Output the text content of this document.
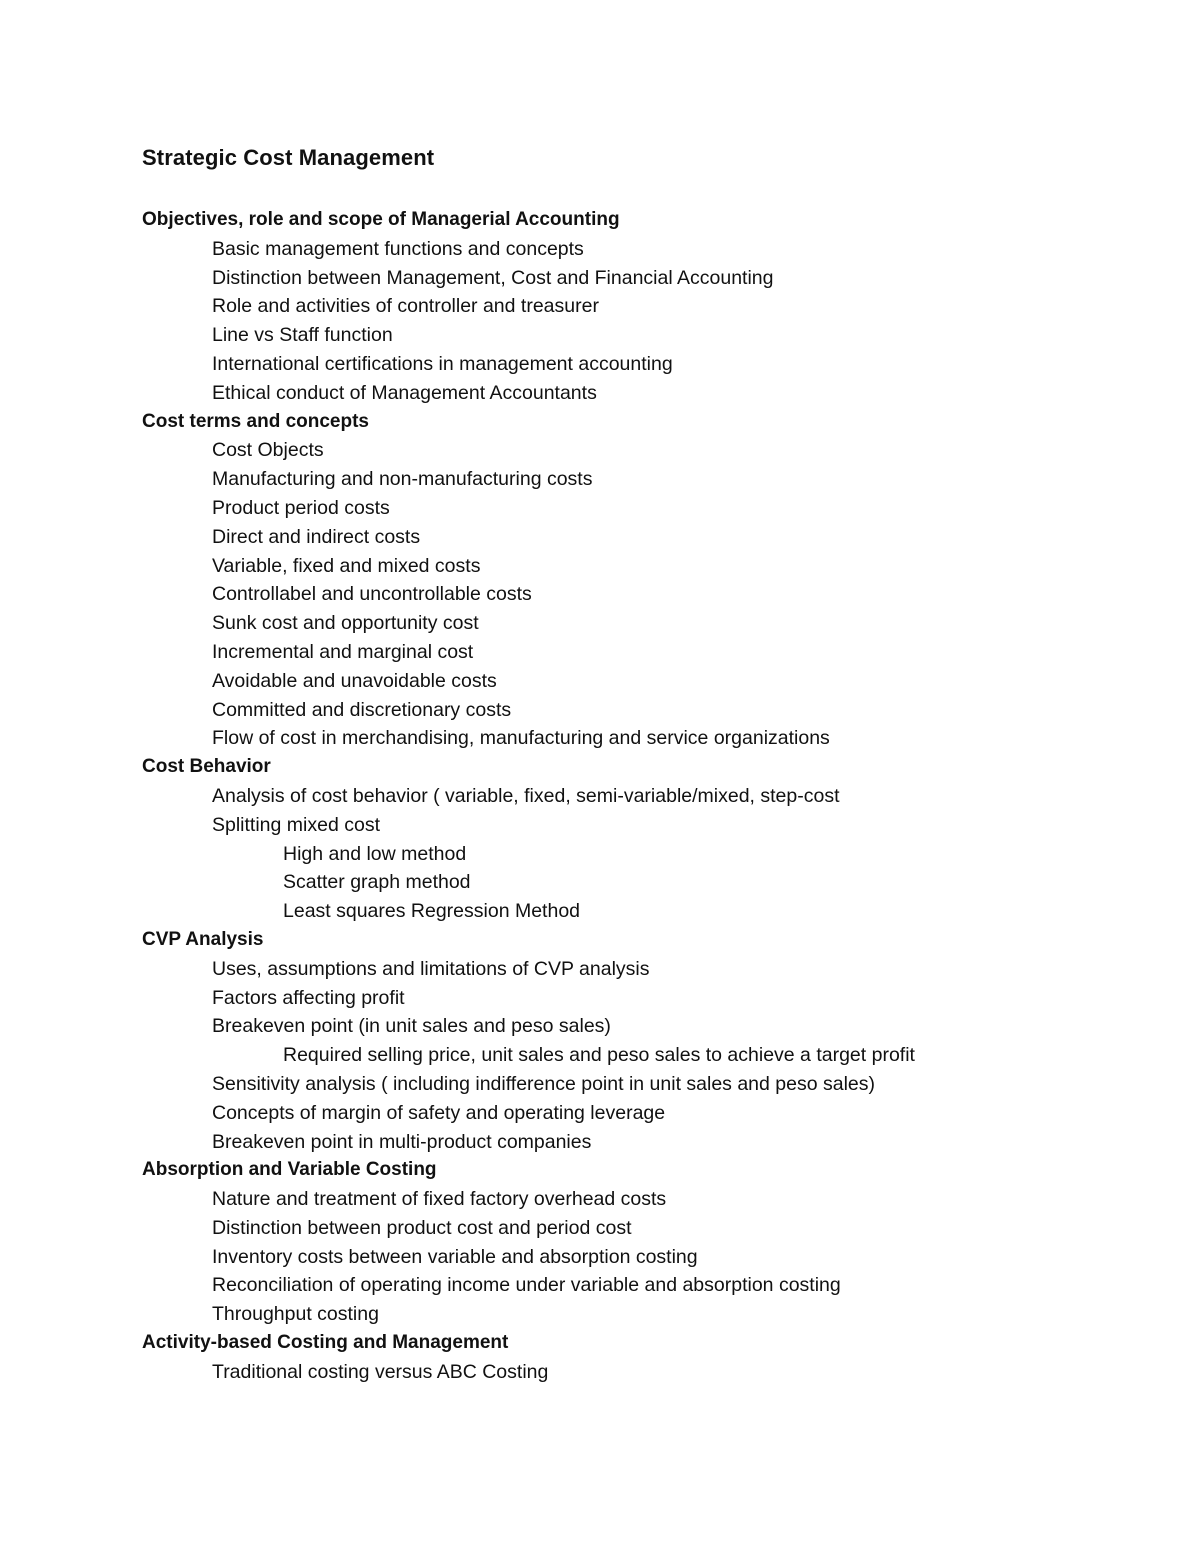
Strategic Cost Management
Objectives, role and scope of Managerial Accounting
Basic management functions and concepts
Distinction between Management, Cost and Financial Accounting
Role and activities of controller and treasurer
Line vs Staff function
International certifications in management accounting
Ethical conduct of Management Accountants
Cost terms and concepts
Cost Objects
Manufacturing and non-manufacturing costs
Product period costs
Direct and indirect costs
Variable, fixed and mixed costs
Controllabel and uncontrollable costs
Sunk cost and opportunity cost
Incremental and marginal cost
Avoidable and unavoidable costs
Committed and discretionary costs
Flow of cost in merchandising, manufacturing and service organizations
Cost Behavior
Analysis of cost behavior ( variable, fixed, semi-variable/mixed, step-cost
Splitting mixed cost
High and low method
Scatter graph method
Least squares Regression Method
CVP Analysis
Uses, assumptions and limitations of CVP analysis
Factors affecting profit
Breakeven point (in unit sales and peso sales)
Required selling price, unit sales and peso sales to achieve a target profit
Sensitivity analysis ( including indifference point in unit sales and peso sales)
Concepts of margin of safety and operating leverage
Breakeven point in multi-product companies
Absorption and Variable Costing
Nature and treatment of fixed factory overhead costs
Distinction between product cost and period cost
Inventory costs between variable and absorption costing
Reconciliation of operating income under variable and absorption costing
Throughput costing
Activity-based Costing and Management
Traditional costing versus ABC Costing
